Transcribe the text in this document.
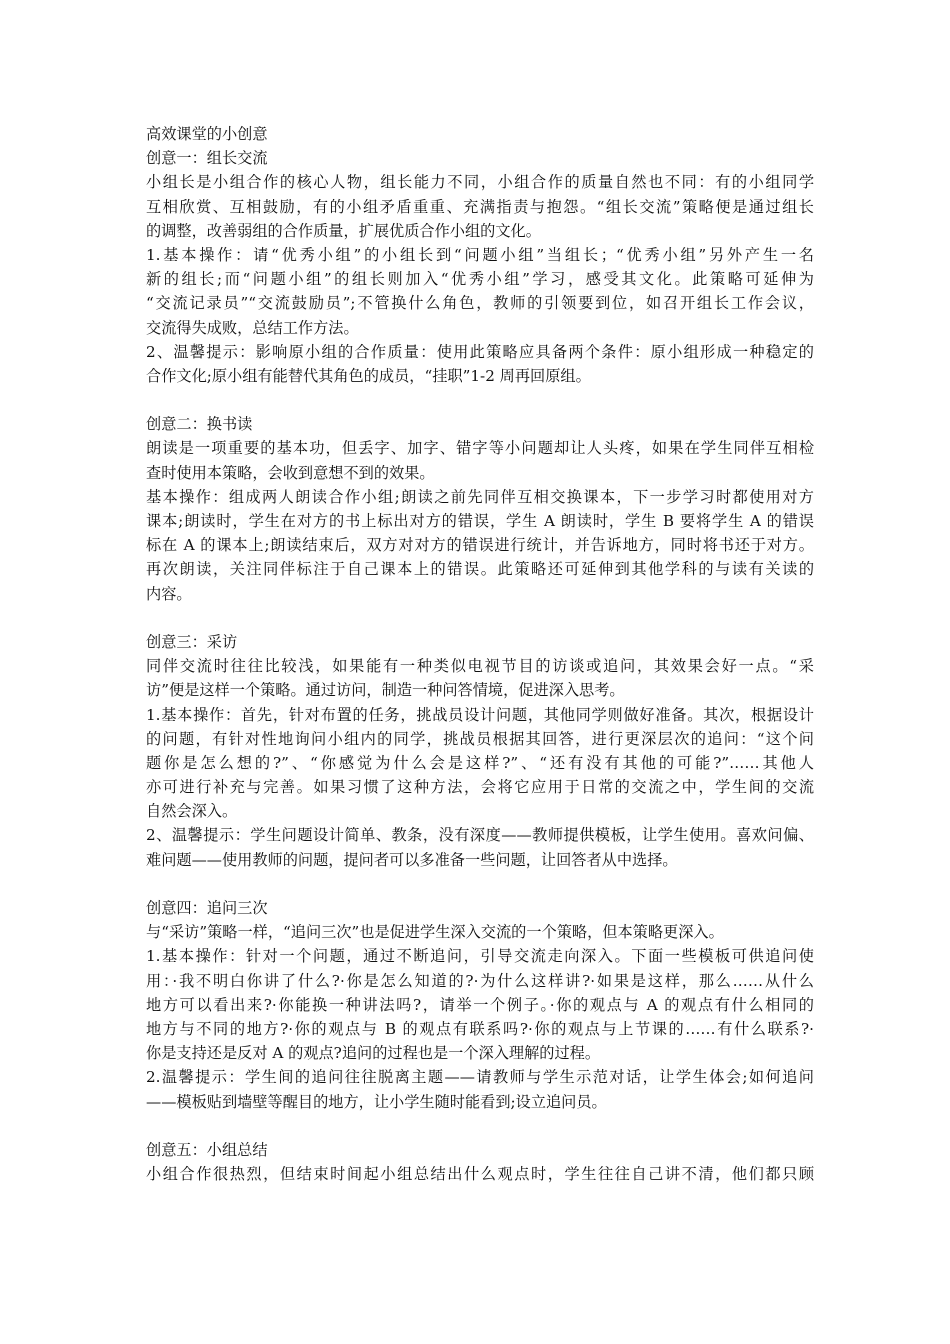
高效课堂的小创意
创意一：组长交流
小组长是小组合作的核心人物，组长能力不同，小组合作的质量自然也不同：有的小组同学
互相欣赏、互相鼓励，有的小组矛盾重重、充满指责与抱怨。“组长交流”策略便是通过组长
的调整，改善弱组的合作质量，扩展优质合作小组的文化。
1.基本操作：请“优秀小组”的小组长到“问题小组”当组长；“优秀小组”另外产生一名
新的组长;而“问题小组”的组长则加入“优秀小组”学习，感受其文化。此策略可延伸为
“交流记录员”“交流鼓励员”;不管换什么角色，教师的引领要到位，如召开组长工作会议，
交流得失成败，总结工作方法。
2、温馨提示：影响原小组的合作质量：使用此策略应具备两个条件：原小组形成一种稳定的
合作文化;原小组有能替代其角色的成员，“挂职”1-2 周再回原组。
创意二：换书读
朗读是一项重要的基本功，但丢字、加字、错字等小问题却让人头疼，如果在学生同伴互相检
查时使用本策略，会收到意想不到的效果。
基本操作：组成两人朗读合作小组;朗读之前先同伴互相交换课本，下一步学习时都使用对方
课本;朗读时，学生在对方的书上标出对方的错误，学生 A 朗读时，学生 B 要将学生 A 的错误
标在 A 的课本上;朗读结束后，双方对对方的错误进行统计，并告诉地方，同时将书还于对方。
再次朗读，关注同伴标注于自己课本上的错误。此策略还可延伸到其他学科的与读有关读的
内容。
创意三：采访
同伴交流时往往比较浅，如果能有一种类似电视节目的访谈或追问，其效果会好一点。“采
访”便是这样一个策略。通过访问，制造一种问答情境，促进深入思考。
1.基本操作：首先，针对布置的任务，挑战员设计问题，其他同学则做好准备。其次，根据设计
的问题，有针对性地询问小组内的同学，挑战员根据其回答，进行更深层次的追问：“这个问
题你是怎么想的?”、“你感觉为什么会是这样?”、“还有没有其他的可能?”……其他人
亦可进行补充与完善。如果习惯了这种方法，会将它应用于日常的交流之中，学生间的交流
自然会深入。
2、温馨提示：学生问题设计简单、教条，没有深度——教师提供模板，让学生使用。喜欢问偏、
难问题——使用教师的问题，提问者可以多准备一些问题，让回答者从中选择。
创意四：追问三次
与“采访”策略一样，“追问三次”也是促进学生深入交流的一个策略，但本策略更深入。
1.基本操作：针对一个问题，通过不断追问，引导交流走向深入。下面一些模板可供追问使
用：·我不明白你讲了什么?·你是怎么知道的?·为什么这样讲?·如果是这样，那么……从什么
地方可以看出来?·你能换一种讲法吗?，请举一个例子。·你的观点与 A 的观点有什么相同的
地方与不同的地方?·你的观点与 B 的观点有联系吗?·你的观点与上节课的……有什么联系?·
你是支持还是反对 A 的观点?追问的过程也是一个深入理解的过程。
2.温馨提示：学生间的追问往往脱离主题——请教师与学生示范对话，让学生体会;如何追问
——模板贴到墙壁等醒目的地方，让小学生随时能看到;设立追问员。
创意五：小组总结
小组合作很热烈，但结束时间起小组总结出什么观点时，学生往往自己讲不清，他们都只顾
